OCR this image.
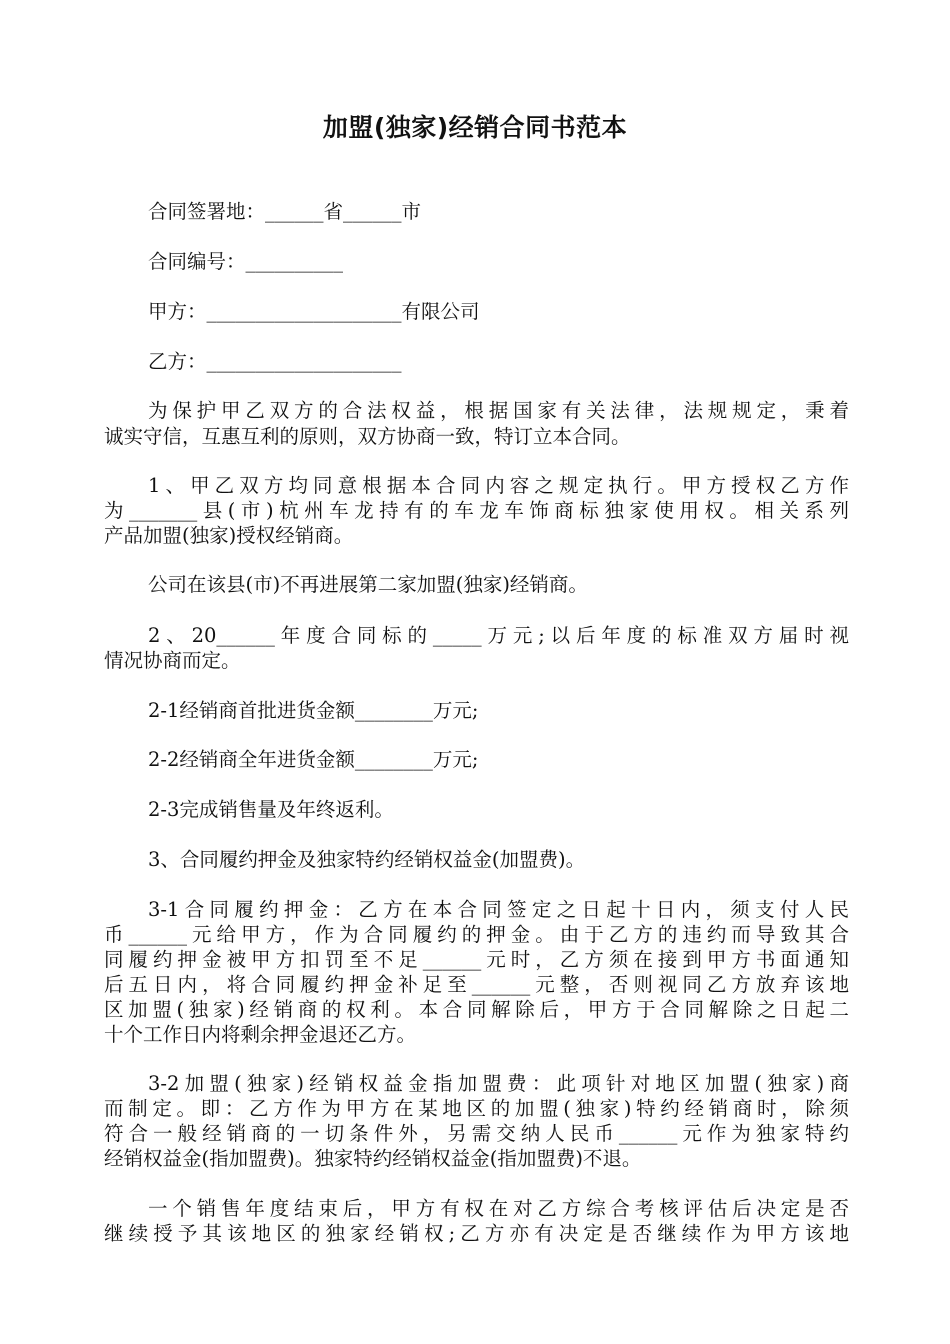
加盟(独家)经销合同书范本
合同签署地：______省______市
合同编号：__________
甲方：____________________有限公司
乙方：____________________
为保护甲乙双方的合法权益，根据国家有关法律，法规规定，秉着
诚实守信，互惠互利的原则，双方协商一致，特订立本合同。
1、甲乙双方均同意根据本合同内容之规定执行。甲方授权乙方作
为_______县(市)杭州车龙持有的车龙车饰商标独家使用权。相关系列
产品加盟(独家)授权经销商。
公司在该县(市)不再进展第二家加盟(独家)经销商。
2、20______年度合同标的_____万元;以后年度的标准双方届时视
情况协商而定。
2-1经销商首批进货金额________万元;
2-2经销商全年进货金额________万元;
2-3完成销售量及年终返利。
3、合同履约押金及独家特约经销权益金(加盟费)。
3-1合同履约押金：乙方在本合同签定之日起十日内，须支付人民
币______元给甲方，作为合同履约的押金。由于乙方的违约而导致其合
同履约押金被甲方扣罚至不足______元时，乙方须在接到甲方书面通知
后五日内，将合同履约押金补足至______元整，否则视同乙方放弃该地
区加盟(独家)经销商的权利。本合同解除后，甲方于合同解除之日起二
十个工作日内将剩余押金退还乙方。
3-2加盟(独家)经销权益金指加盟费：此项针对地区加盟(独家)商
而制定。即：乙方作为甲方在某地区的加盟(独家)特约经销商时，除须
符合一般经销商的一切条件外，另需交纳人民币______元作为独家特约
经销权益金(指加盟费)。独家特约经销权益金(指加盟费)不退。
一个销售年度结束后，甲方有权在对乙方综合考核评估后决定是否
继续授予其该地区的独家经销权;乙方亦有决定是否继续作为甲方该地
